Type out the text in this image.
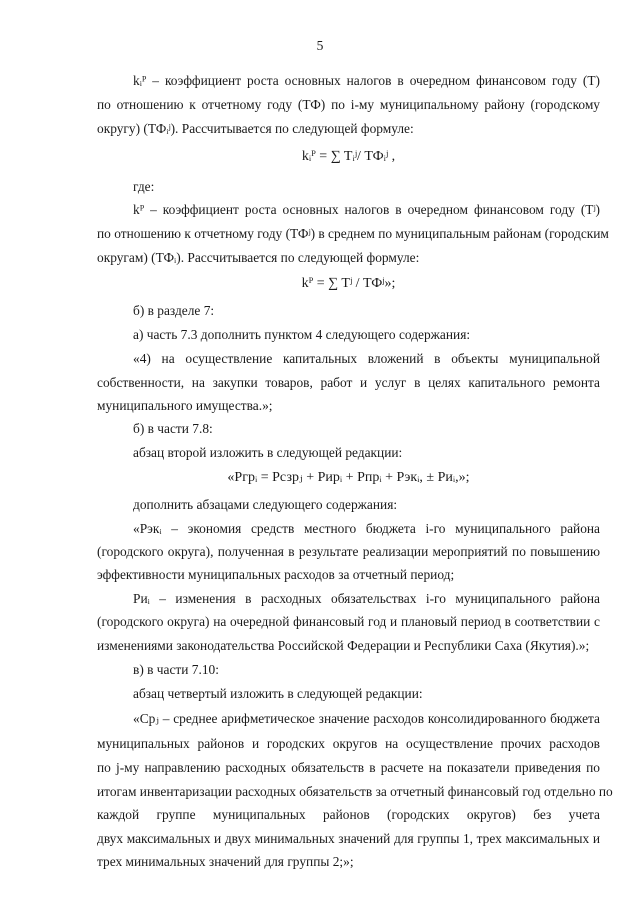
5
kᵢᴾ – коэффициент роста основных налогов в очередном финансовом году (Т)
по отношению к отчетному году (ТФ) по i-му муниципальному району (городскому
округу) (ТФᵢʲ). Рассчитывается по следующей формуле:
kᵢᴾ = ∑ Tᵢʲ/ ТФᵢʲ ,
где:
kᴾ – коэффициент роста основных налогов в очередном финансовом году (Тʲ)
по отношению к отчетному году (ТФʲ) в среднем по муниципальным районам (городским
округам) (ТФᵢ). Рассчитывается по следующей формуле:
kᴾ = ∑ Tʲ / ТФʲ»;
б) в разделе 7:
а) часть 7.3 дополнить пунктом 4 следующего содержания:
«4) на осуществление капитальных вложений в объекты муниципальной
собственности, на закупки товаров, работ и услуг в целях капитального ремонта
муниципального имущества.»;
б) в части 7.8:
абзац второй изложить в следующей редакции:
«Pгрᵢ = Pсзрⱼ + Pирᵢ + Pпрᵢ + Pэкᵢ, ± Pиᵢ,»;
дополнить абзацами следующего содержания:
«Pэкᵢ – экономия средств местного бюджета i-го муниципального района
(городского округа), полученная в результате реализации мероприятий по повышению
эффективности муниципальных расходов за отчетный период;
Pиᵢ – изменения в расходных обязательствах i-го муниципального района
(городского округа) на очередной финансовый год и плановый период в соответствии с
изменениями законодательства Российской Федерации и Республики Саха (Якутия).»;
в) в части 7.10:
абзац четвертый изложить в следующей редакции:
«Cpⱼ – среднее арифметическое значение расходов консолидированного бюджета
муниципальных районов и городских округов на осуществление прочих расходов
по j-му направлению расходных обязательств в расчете на показатели приведения по
итогам инвентаризации расходных обязательств за отчетный финансовый год отдельно по
каждой группе муниципальных районов (городских округов) без учета
двух максимальных и двух минимальных значений для группы 1, трех максимальных и
трех минимальных значений для группы 2;»;
